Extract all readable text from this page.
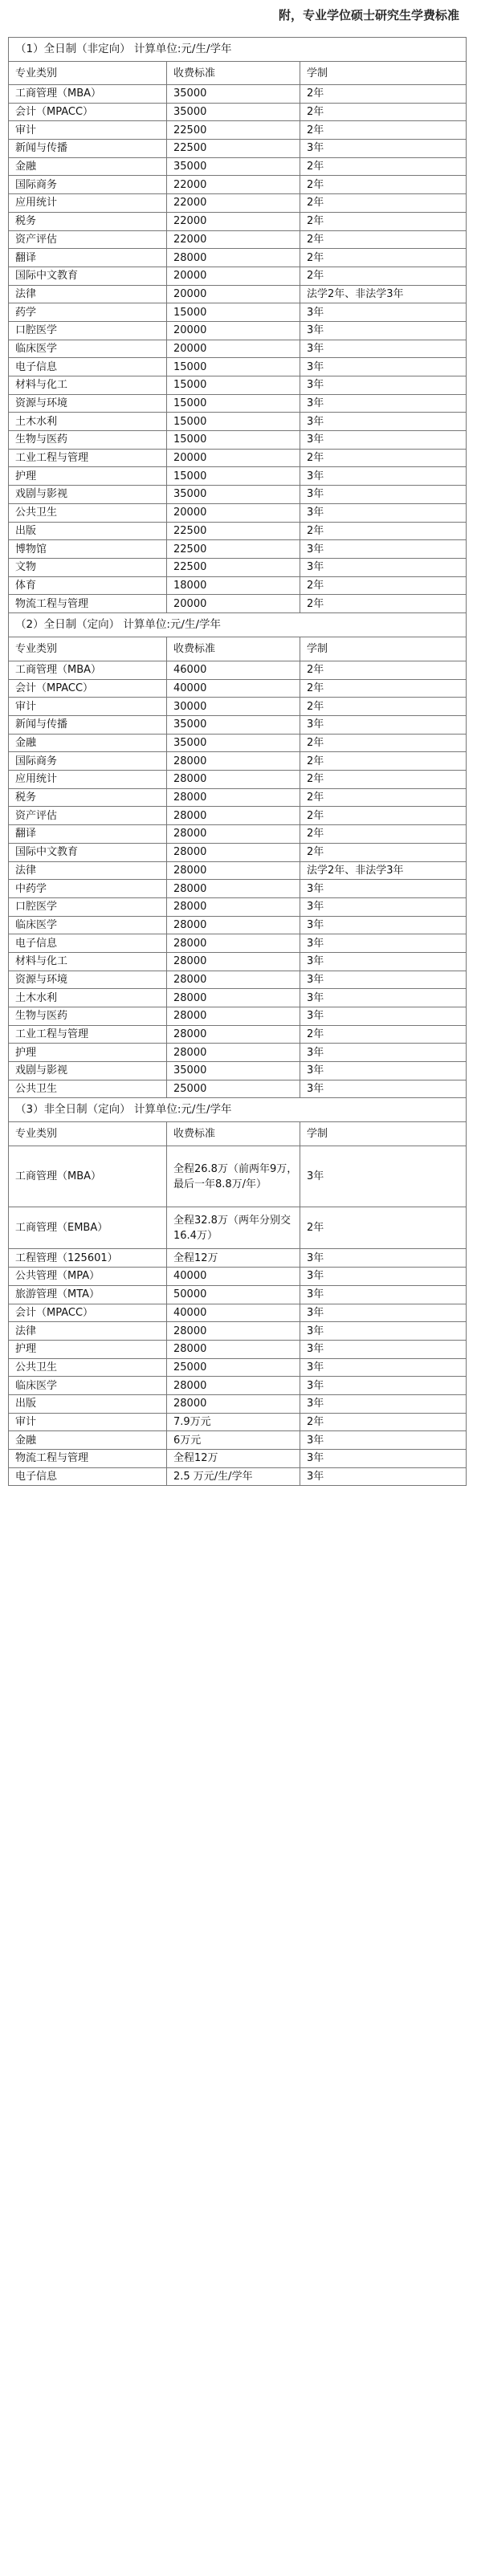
附，专业学位硕士研究生学费标准
（1）全日制（非定向） 计算单位:元/生/学年		
专业类别	收费标准	学制
工商管理（MBA）	35000	2年
会计（MPACC）	35000	2年
审计	22500	2年
新闻与传播	22500	3年
金融	35000	2年
国际商务	22000	2年
应用统计	22000	2年
税务	22000	2年
资产评估	22000	2年
翻译	28000	2年
国际中文教育	20000	2年
法律	20000	法学2年、非法学3年
药学	15000	3年
口腔医学	20000	3年
临床医学	20000	3年
电子信息	15000	3年
材料与化工	15000	3年
资源与环境	15000	3年
土木水利	15000	3年
生物与医药	15000	3年
工业工程与管理	20000	2年
护理	15000	3年
戏剧与影视	35000	3年
公共卫生	20000	3年
出版	22500	2年
博物馆	22500	3年
文物	22500	3年
体育	18000	2年
物流工程与管理	20000	2年
（2）全日制（定向） 计算单位:元/生/学年		
专业类别	收费标准	学制
工商管理（MBA）	46000	2年
会计（MPACC）	40000	2年
审计	30000	2年
新闻与传播	35000	3年
金融	35000	2年
国际商务	28000	2年
应用统计	28000	2年
税务	28000	2年
资产评估	28000	2年
翻译	28000	2年
国际中文教育	28000	2年
法律	28000	法学2年、非法学3年
中药学	28000	3年
口腔医学	28000	3年
临床医学	28000	3年
电子信息	28000	3年
材料与化工	28000	3年
资源与环境	28000	3年
土木水利	28000	3年
生物与医药	28000	3年
工业工程与管理	28000	2年
护理	28000	3年
戏剧与影视	35000	3年
公共卫生	25000	3年
（3）非全日制（定向） 计算单位:元/生/学年		
专业类别	收费标准	学制
工商管理（MBA）	全程26.8万（前两年9万，最后一年8.8万/年）	3年
工商管理（EMBA）	全程32.8万（两年分别交16.4万）	2年
工程管理（125601）	全程12万	3年
公共管理（MPA）	40000	3年
旅游管理（MTA）	50000	3年
会计（MPACC）	40000	3年
法律	28000	3年
护理	28000	3年
公共卫生	25000	3年
临床医学	28000	3年
出版	28000	3年
审计	7.9万元	2年
金融	6万元	3年
物流工程与管理	全程12万	3年
电子信息	2.5 万元/生/学年	3年
